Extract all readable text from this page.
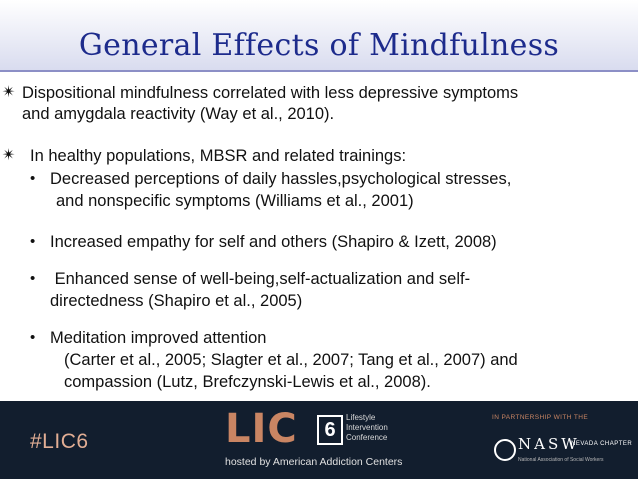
General Effects of Mindfulness
✴ Dispositional mindfulness correlated with less depressive symptoms
and amygdala reactivity (Way et al., 2010).
✴ In healthy populations, MBSR and related trainings:
• Decreased perceptions of daily hassles,psychological stresses,
and nonspecific symptoms (Williams et al., 2001)
• Increased empathy for self and others (Shapiro & Izett, 2008)
• Enhanced sense of well-being,self-actualization and self-
directedness (Shapiro et al., 2005)
• Meditation improved attention
(Carter et al., 2005; Slagter et al., 2007; Tang et al., 2007) and
compassion (Lutz, Brefczynski-Lewis et al., 2008).
#LIC6	LIC	6
Lifestyle
Intervention
Conference
hosted by American Addiction Centers
IN PARTNERSHIP WITH THE
NASW
NEVADA CHAPTER
National Association of Social Workers
